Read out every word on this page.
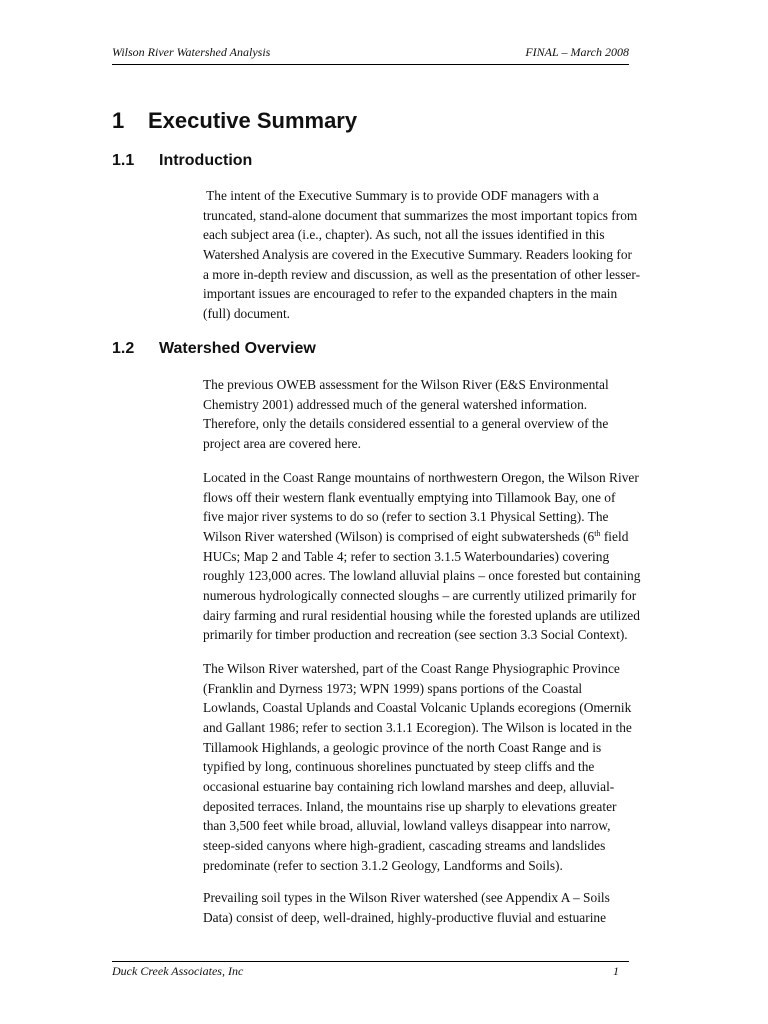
Wilson River Watershed Analysis	FINAL – March 2008
1 Executive Summary
1.1 Introduction

The intent of the Executive Summary is to provide ODF managers with a
truncated, stand-alone document that summarizes the most important topics from
each subject area (i.e., chapter). As such, not all the issues identified in this
Watershed Analysis are covered in the Executive Summary. Readers looking for
a more in-depth review and discussion, as well as the presentation of other lesser-
important issues are encouraged to refer to the expanded chapters in the main
(full) document.

1.2 Watershed Overview

The previous OWEB assessment for the Wilson River (E&S Environmental
Chemistry 2001) addressed much of the general watershed information.
Therefore, only the details considered essential to a general overview of the
project area are covered here.

Located in the Coast Range mountains of northwestern Oregon, the Wilson River
flows off their western flank eventually emptying into Tillamook Bay, one of
five major river systems to do so (refer to section 3.1 Physical Setting). The
Wilson River watershed (Wilson) is comprised of eight subwatersheds (6th field
HUCs; Map 2 and Table 4; refer to section 3.1.5 Waterboundaries) covering
roughly 123,000 acres. The lowland alluvial plains – once forested but containing
numerous hydrologically connected sloughs – are currently utilized primarily for
dairy farming and rural residential housing while the forested uplands are utilized
primarily for timber production and recreation (see section 3.3 Social Context).

The Wilson River watershed, part of the Coast Range Physiographic Province
(Franklin and Dyrness 1973; WPN 1999) spans portions of the Coastal
Lowlands, Coastal Uplands and Coastal Volcanic Uplands ecoregions (Omernik
and Gallant 1986; refer to section 3.1.1 Ecoregion). The Wilson is located in the
Tillamook Highlands, a geologic province of the north Coast Range and is
typified by long, continuous shorelines punctuated by steep cliffs and the
occasional estuarine bay containing rich lowland marshes and deep, alluvial-
deposited terraces. Inland, the mountains rise up sharply to elevations greater
than 3,500 feet while broad, alluvial, lowland valleys disappear into narrow,
steep-sided canyons where high-gradient, cascading streams and landslides
predominate (refer to section 3.1.2 Geology, Landforms and Soils).

Prevailing soil types in the Wilson River watershed (see Appendix A – Soils
Data) consist of deep, well-drained, highly-productive fluvial and estuarine

Duck Creek Associates, Inc	1
